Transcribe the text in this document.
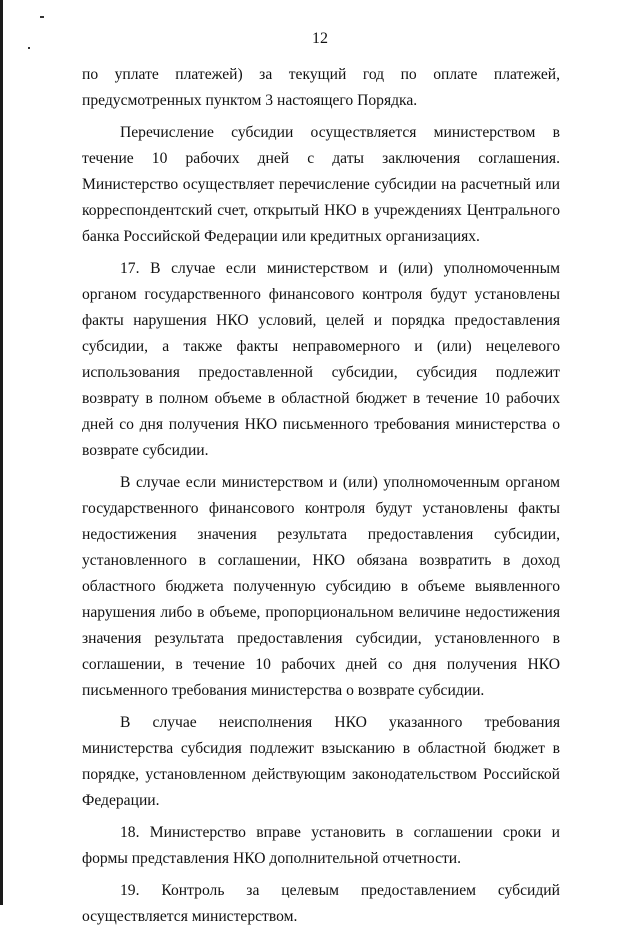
12

по уплате платежей) за текущий год по оплате платежей, предусмотренных пунктом 3 настоящего Порядка.

Перечисление субсидии осуществляется министерством в течение 10 рабочих дней с даты заключения соглашения. Министерство осуществляет перечисление субсидии на расчетный или корреспондентский счет, открытый НКО в учреждениях Центрального банка Российской Федерации или кредитных организациях.

17. В случае если министерством и (или) уполномоченным органом государственного финансового контроля будут установлены факты нарушения НКО условий, целей и порядка предоставления субсидии, а также факты неправомерного и (или) нецелевого использования предоставленной субсидии, субсидия подлежит возврату в полном объеме в областной бюджет в течение 10 рабочих дней со дня получения НКО письменного требования министерства о возврате субсидии.

В случае если министерством и (или) уполномоченным органом государственного финансового контроля будут установлены факты недостижения значения результата предоставления субсидии, установленного в соглашении, НКО обязана возвратить в доход областного бюджета полученную субсидию в объеме выявленного нарушения либо в объеме, пропорциональном величине недостижения значения результата предоставления субсидии, установленного в соглашении, в течение 10 рабочих дней со дня получения НКО письменного требования министерства о возврате субсидии.

В случае неисполнения НКО указанного требования министерства субсидия подлежит взысканию в областной бюджет в порядке, установленном действующим законодательством Российской Федерации.

18. Министерство вправе установить в соглашении сроки и формы представления НКО дополнительной отчетности.

19. Контроль за целевым предоставлением субсидий осуществляется министерством.
